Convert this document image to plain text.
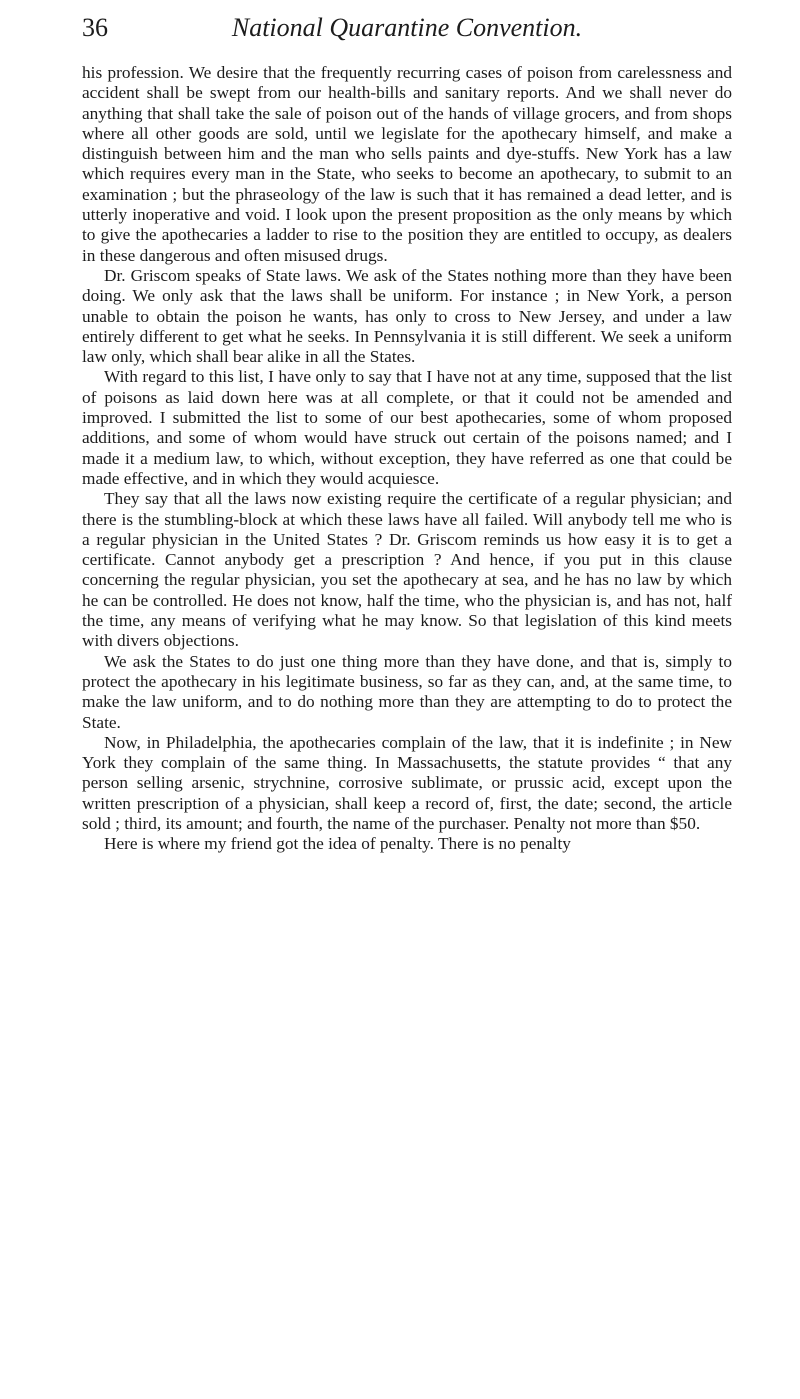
36	National Quarantine Convention.

his profession. We desire that the frequently recurring cases of poison from carelessness and accident shall be swept from our health-bills and sanitary reports. And we shall never do anything that shall take the sale of poison out of the hands of village grocers, and from shops where all other goods are sold, until we legislate for the apothecary himself, and make a distinguish between him and the man who sells paints and dye-stuffs. New York has a law which requires every man in the State, who seeks to become an apothecary, to submit to an examination ; but the phraseology of the law is such that it has remained a dead letter, and is utterly inoperative and void. I look upon the present proposition as the only means by which to give the apothecaries a ladder to rise to the position they are entitled to occupy, as dealers in these dangerous and often misused drugs.

Dr. Griscom speaks of State laws. We ask of the States nothing more than they have been doing. We only ask that the laws shall be uniform. For instance ; in New York, a person unable to obtain the poison he wants, has only to cross to New Jersey, and under a law entirely different to get what he seeks. In Pennsylvania it is still different. We seek a uniform law only, which shall bear alike in all the States.

With regard to this list, I have only to say that I have not at any time, supposed that the list of poisons as laid down here was at all complete, or that it could not be amended and improved. I submitted the list to some of our best apothecaries, some of whom proposed additions, and some of whom would have struck out certain of the poisons named; and I made it a medium law, to which, without exception, they have referred as one that could be made effective, and in which they would acquiesce.

They say that all the laws now existing require the certificate of a regular physician; and there is the stumbling-block at which these laws have all failed. Will anybody tell me who is a regular physician in the United States ? Dr. Griscom reminds us how easy it is to get a certificate. Cannot anybody get a prescription ? And hence, if you put in this clause concerning the regular physician, you set the apothecary at sea, and he has no law by which he can be controlled. He does not know, half the time, who the physician is, and has not, half the time, any means of verifying what he may know. So that legislation of this kind meets with divers objections.

We ask the States to do just one thing more than they have done, and that is, simply to protect the apothecary in his legitimate business, so far as they can, and, at the same time, to make the law uniform, and to do nothing more than they are attempting to do to protect the State.

Now, in Philadelphia, the apothecaries complain of the law, that it is indefinite ; in New York they complain of the same thing. In Massachusetts, the statute provides “ that any person selling arsenic, strychnine, corrosive sublimate, or prussic acid, except upon the written prescription of a physician, shall keep a record of, first, the date; second, the article sold ; third, its amount; and fourth, the name of the purchaser. Penalty not more than $50.

Here is where my friend got the idea of penalty. There is no penalty
